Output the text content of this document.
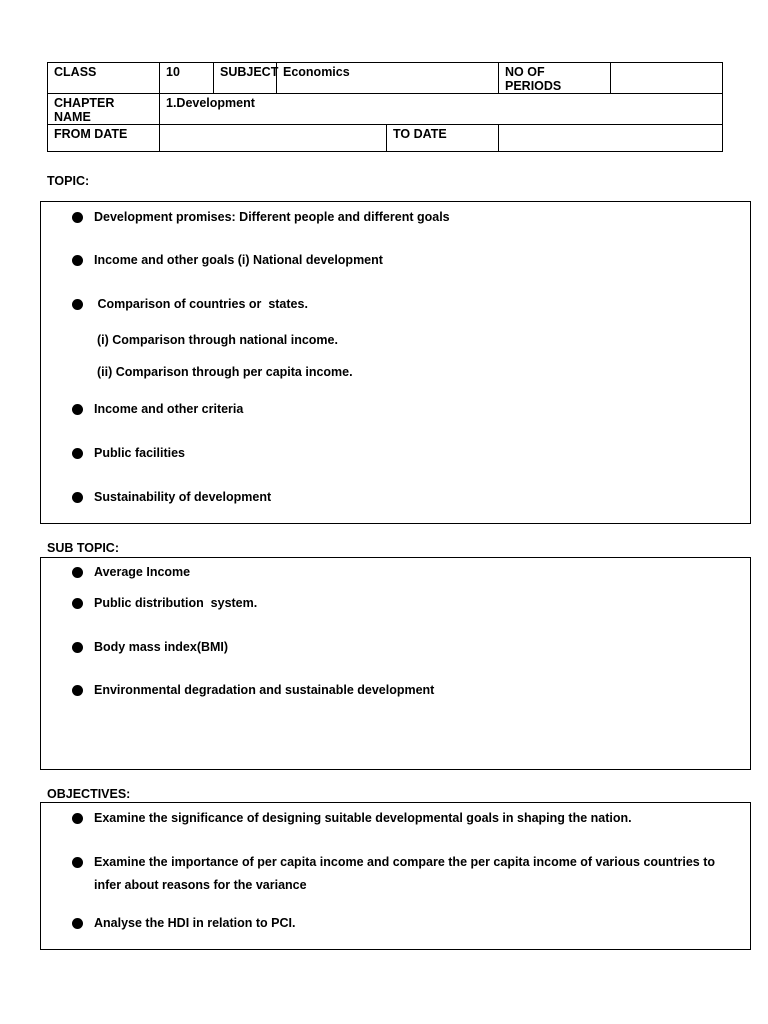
CLASS	10	SUBJECT	Economics		NO OF PERIODS	
CHAPTER NAME	1.Development					
FROM DATE				TO DATE		
TOPIC:
Development promises: Different people and different goals
Income and other goals (i) National development
Comparison of countries or  states.
(i) Comparison through national income.
(ii) Comparison through per capita income.
Income and other criteria
Public facilities
Sustainability of development
SUB TOPIC:
Average Income
Public distribution  system.
Body mass index(BMI)
Environmental degradation and sustainable development
OBJECTIVES:
Examine the significance of designing suitable developmental goals in shaping the nation.
Examine the importance of per capita income and compare the per capita income of various countries to infer about reasons for the variance
Analyse the HDI in relation to PCI.
